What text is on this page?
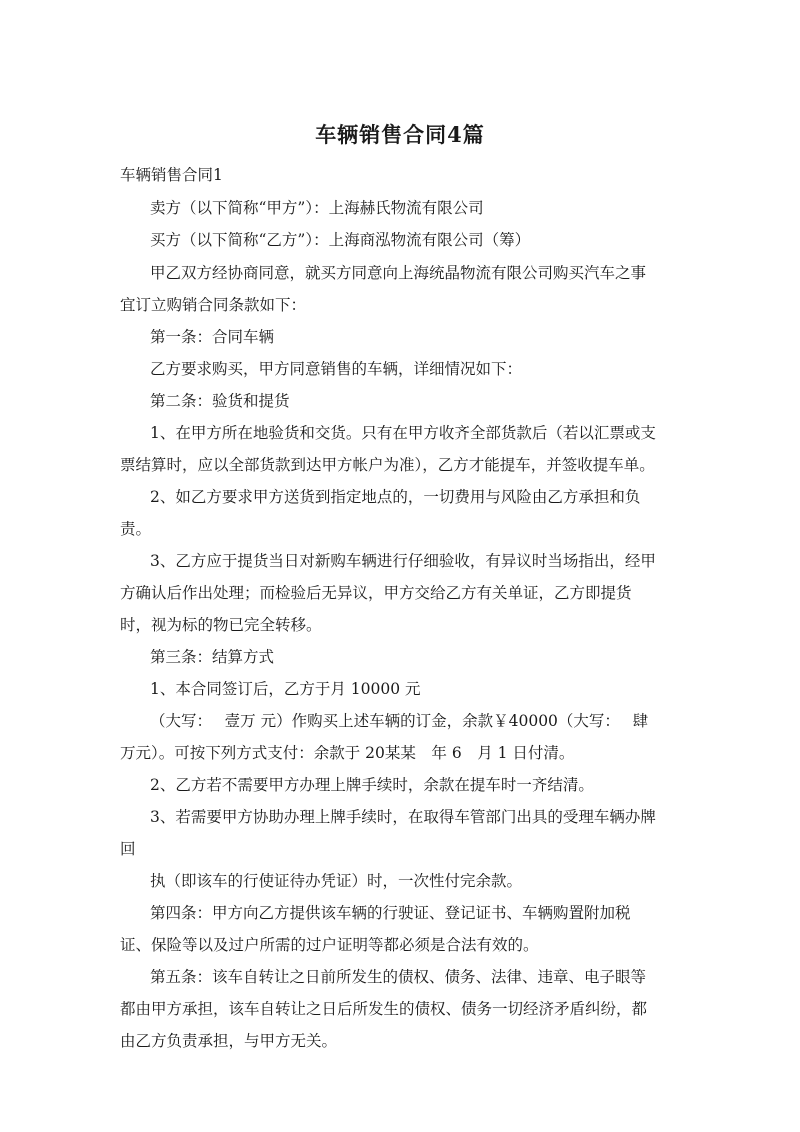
车辆销售合同4篇
车辆销售合同1
卖方（以下简称“甲方”）：上海赫氏物流有限公司
买方（以下简称“乙方”）：上海商泓物流有限公司（筹）
甲乙双方经协商同意，就买方同意向上海统晶物流有限公司购买汽车之事
宜订立购销合同条款如下：
第一条：合同车辆
乙方要求购买，甲方同意销售的车辆，详细情况如下：
第二条：验货和提货
1、在甲方所在地验货和交货。只有在甲方收齐全部货款后（若以汇票或支
票结算时，应以全部货款到达甲方帐户为准），乙方才能提车，并签收提车单。
2、如乙方要求甲方送货到指定地点的，一切费用与风险由乙方承担和负
责。
3、乙方应于提货当日对新购车辆进行仔细验收，有异议时当场指出，经甲
方确认后作出处理；而检验后无异议，甲方交给乙方有关单证，乙方即提货
时，视为标的物已完全转移。
第三条：结算方式
1、本合同签订后，乙方于月 10000 元
（大写：　 壹万 元）作购买上述车辆的订金，余款￥40000（大写：　 肆
万元）。可按下列方式支付：余款于 20某某　年 6　月 1 日付清。
2、乙方若不需要甲方办理上牌手续时，余款在提车时一齐结清。
3、若需要甲方协助办理上牌手续时，在取得车管部门出具的受理车辆办牌
回
执（即该车的行使证待办凭证）时，一次性付完余款。
第四条：甲方向乙方提供该车辆的行驶证、登记证书、车辆购置附加税
证、保险等以及过户所需的过户证明等都必须是合法有效的。
第五条：该车自转让之日前所发生的债权、债务、法律、违章、电子眼等
都由甲方承担，该车自转让之日后所发生的债权、债务一切经济矛盾纠纷，都
由乙方负责承担，与甲方无关。
